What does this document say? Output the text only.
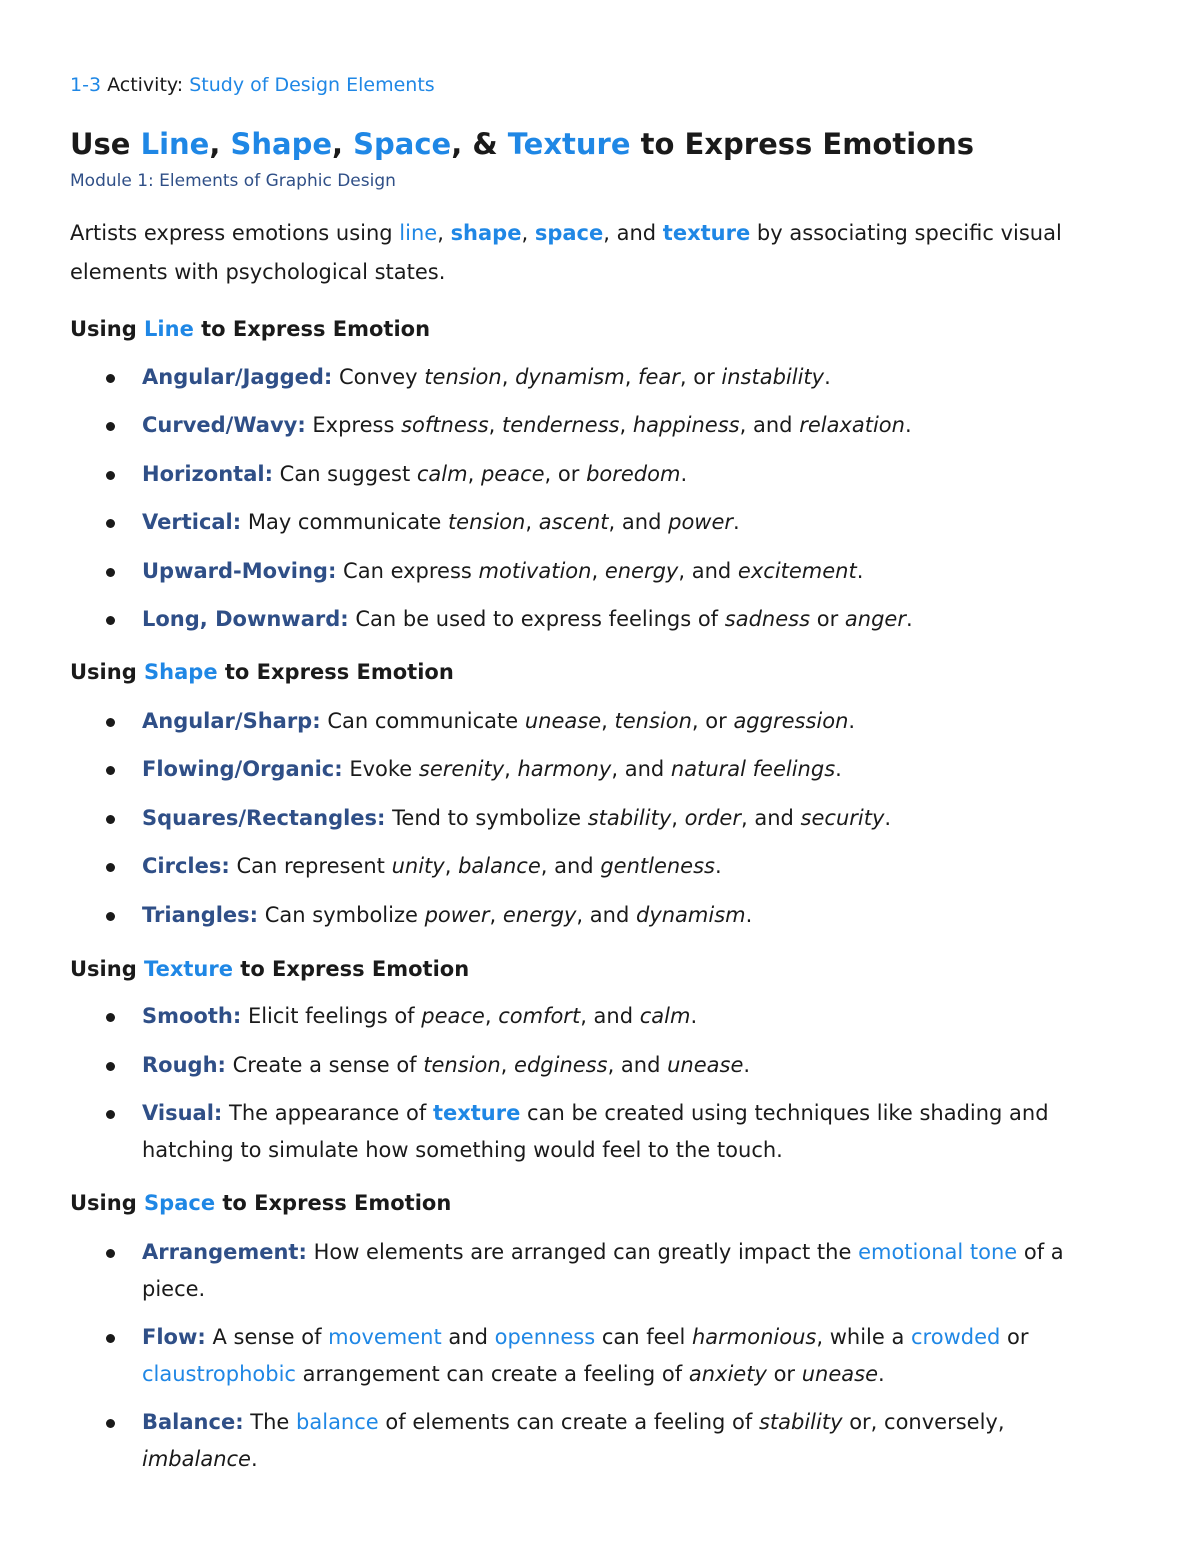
1-3 Activity: Study of Design Elements
Use Line, Shape, Space, & Texture to Express Emotions
Module 1: Elements of Graphic Design

Artists express emotions using line, shape, space, and texture by associating specific visual elements with psychological states.

Using Line to Express Emotion
Angular/Jagged: Convey tension, dynamism, fear, or instability.
Curved/Wavy: Express softness, tenderness, happiness, and relaxation.
Horizontal: Can suggest calm, peace, or boredom.
Vertical: May communicate tension, ascent, and power.
Upward-Moving: Can express motivation, energy, and excitement.
Long, Downward: Can be used to express feelings of sadness or anger.
Using Shape to Express Emotion
Angular/Sharp: Can communicate unease, tension, or aggression.
Flowing/Organic: Evoke serenity, harmony, and natural feelings.
Squares/Rectangles: Tend to symbolize stability, order, and security.
Circles: Can represent unity, balance, and gentleness.
Triangles: Can symbolize power, energy, and dynamism.
Using Texture to Express Emotion
Smooth: Elicit feelings of peace, comfort, and calm.
Rough: Create a sense of tension, edginess, and unease.
Visual: The appearance of texture can be created using techniques like shading and hatching to simulate how something would feel to the touch.
Using Space to Express Emotion
Arrangement: How elements are arranged can greatly impact the emotional tone of a piece.
Flow: A sense of movement and openness can feel harmonious, while a crowded or claustrophobic arrangement can create a feeling of anxiety or unease.
Balance: The balance of elements can create a feeling of stability or, conversely, imbalance.
